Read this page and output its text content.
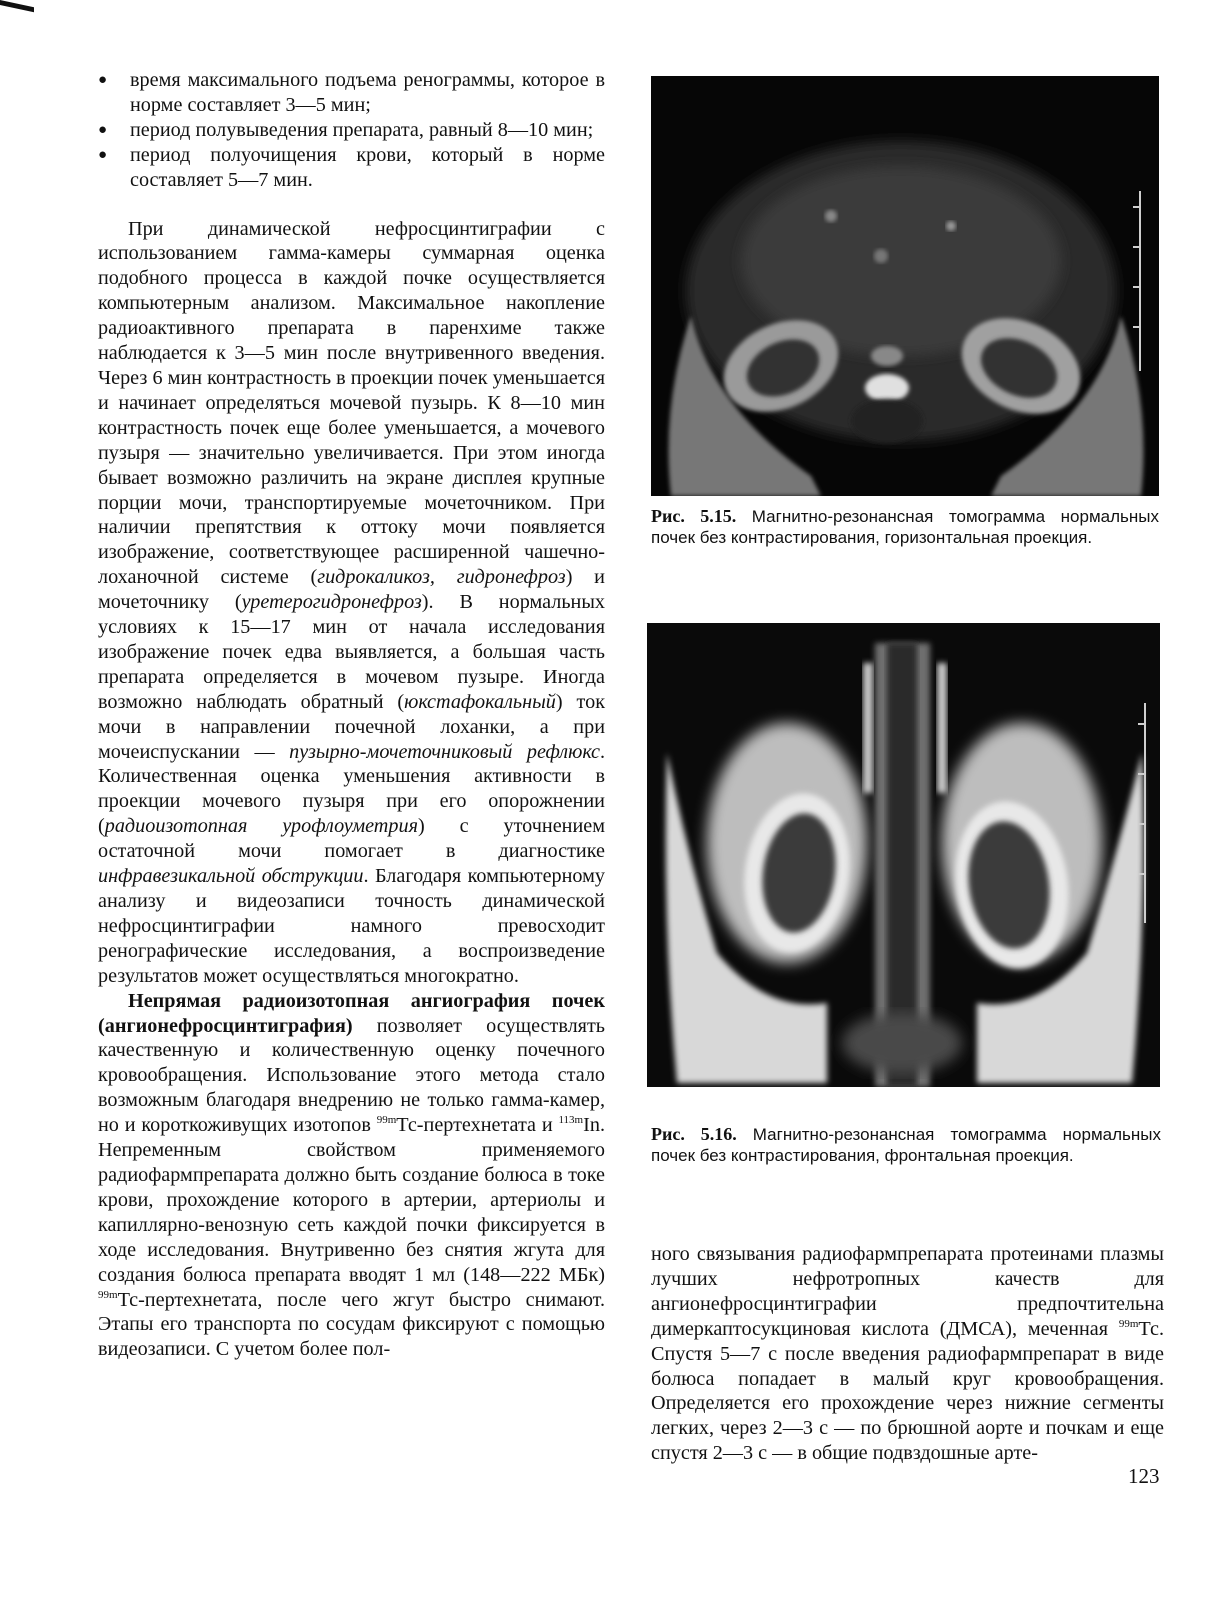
● время максимального подъема ренограммы, которое в норме составляет 3—5 мин;
● период полувыведения препарата, равный 8—10 мин;
● период полуочищения крови, который в норме составляет 5—7 мин.

При динамической нефросцинтиграфии с использованием гамма-камеры суммарная оценка подобного процесса в каждой почке осуществляется компьютерным анализом. Максимальное накопление радиоактивного препарата в паренхиме также наблюдается к 3—5 мин после внутривенного введения. Через 6 мин контрастность в проекции почек уменьшается и начинает определяться мочевой пузырь. К 8—10 мин контрастность почек еще более уменьшается, а мочевого пузыря — значительно увеличивается. При этом иногда бывает возможно различить на экране дисплея крупные порции мочи, транспортируемые мочеточником. При наличии препятствия к оттоку мочи появляется изображение, соответствующее расширенной чашечно-лоханочной системе (гидрокаликоз, гидронефроз) и мочеточнику (уретерогидронефроз). В нормальных условиях к 15—17 мин от начала исследования изображение почек едва выявляется, а большая часть препарата определяется в мочевом пузыре. Иногда возможно наблюдать обратный (юкстафокальный) ток мочи в направлении почечной лоханки, а при мочеиспускании — пузырно-мочеточниковый рефлюкс. Количественная оценка уменьшения активности в проекции мочевого пузыря при его опорожнении (радиоизотопная урофлоуметрия) с уточнением остаточной мочи помогает в диагностике инфравезикальной обструкции. Благодаря компьютерному анализу и видеозаписи точность динамической нефросцинтиграфии намного превосходит ренографические исследования, а воспроизведение результатов может осуществляться многократно.

Непрямая радиоизотопная ангиография почек (ангионефросцинтиграфия) позволяет осуществлять качественную и количественную оценку почечного кровообращения. Использование этого метода стало возможным благодаря внедрению не только гамма-камер, но и короткоживущих изотопов $^{99m}$Тс-пертехнетата и $^{113m}$In. Непременным свойством применяемого радиофармпрепарата должно быть создание болюса в токе крови, прохождение которого в артерии, артериолы и капиллярно-венозную сеть каждой почки фиксируется в ходе исследования. Внутривенно без снятия жгута для создания болюса препарата вводят 1 мл (148—222 МБк) $^{99m}$Тс-пертехнетата, после чего жгут быстро снимают. Этапы его транспорта по сосудам фиксируют с помощью видеозаписи. С учетом более пол-

Рис. 5.15. Магнитно-резонансная томограмма нормальных почек без контрастирования, горизонтальная проекция.
Рис. 5.16. Магнитно-резонансная томограмма нормальных почек без контрастирования, фронтальная проекция.

ного связывания радиофармпрепарата протеинами плазмы лучших нефротропных качеств для ангионефросцинтиграфии предпочтительна димеркаптосукциновая кислота (ДМСА), меченная $^{99m}$Тс. Спустя 5—7 с после введения радиофармпрепарат в виде болюса попадает в малый круг кровообращения. Определяется его прохождение через нижние сегменты легких, через 2—3 с — по брюшной аорте и почкам и еще спустя 2—3 с — в общие подвздошные арте-

123
